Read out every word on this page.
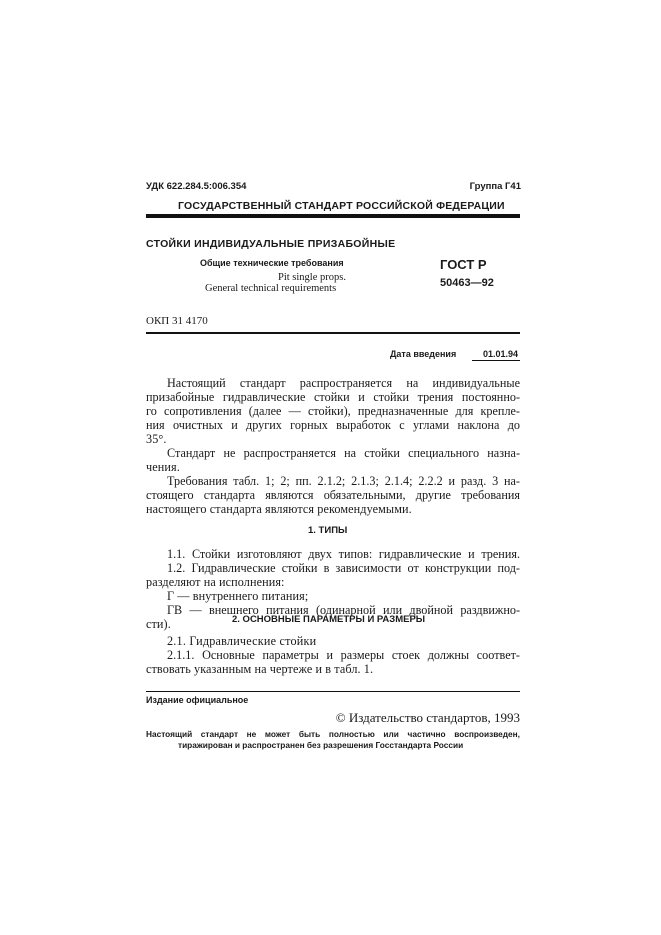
УДК 622.284.5:006.354	Группа Г41
ГОСУДАРСТВЕННЫЙ СТАНДАРТ РОССИЙСКОЙ ФЕДЕРАЦИИ
СТОЙКИ ИНДИВИДУАЛЬНЫЕ ПРИЗАБОЙНЫЕ
Общие технические требования
Pit single props.
General technical requirements
ГОСТ Р
50463—92
ОКП 31 4170
Дата введения	01.01.94
Настоящий стандарт распространяется на индивидуальные
призабойные гидравлические стойки и стойки трения постоянно-
го сопротивления (далее — стойки), предназначенные для крепле-
ния очистных и других горных выработок с углами наклона до
35°.
Стандарт не распространяется на стойки специального назна-
чения.
Требования табл. 1; 2; пп. 2.1.2; 2.1.3; 2.1.4; 2.2.2 и разд. 3 на-
стоящего стандарта являются обязательными, другие требования
настоящего стандарта являются рекомендуемыми.
1. ТИПЫ
1.1. Стойки изготовляют двух типов: гидравлические и трения.
1.2. Гидравлические стойки в зависимости от конструкции под-
разделяют на исполнения:
Г — внутреннего питания;
ГВ — внешнего питания (одинарной или двойной раздвижно-
сти).	2. ОСНОВНЫЕ ПАРАМЕТРЫ И РАЗМЕРЫ
2.1. Гидравлические стойки
2.1.1. Основные параметры и размеры стоек должны соответ-
ствовать указанным на чертеже и в табл. 1.
Издание официальное
© Издательство стандартов, 1993
Настоящий стандарт не может быть полностью или частично воспроизведен,
тиражирован и распространен без разрешения Госстандарта России
